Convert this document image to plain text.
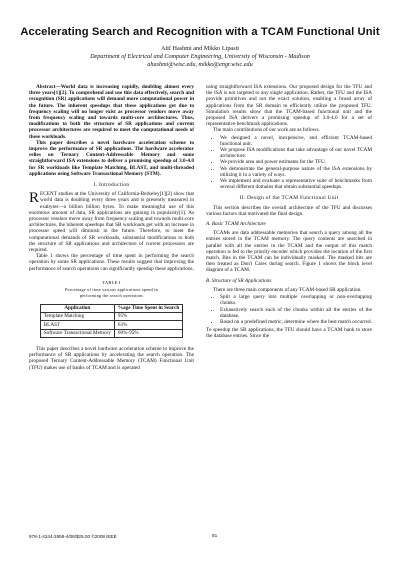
Accelerating Search and Recognition with a TCAM Functional Unit
Atif Hashmi and Mikko Lipasti
Department of Electrical and Computer Engineering, University of Wisconsin - Madison
ahashmi@wisc.edu, mikko@engr.wisc.edu

Abstract—World data is increasing rapidly, doubling almost every three years[1][2]. To comprehend and use this data effectively, search and recognition (SR) applications will demand more computational power in the future. The inherent speedups that these applications get due to frequency scaling will no longer exist as processor vendors move away from frequency scaling and towards multi-core architectures. Thus, modifications to both the structure of SR applications and current processor architectures are required to meet the computational needs of these workloads.

This paper describes a novel hardware acceleration scheme to improve the performance of SR applications. The hardware accelerator relies on Ternary Content-Addressable Memory and some straightforward ISA extensions to deliver a promising speedup of 3.0-4.0 for SR workloads like Template Matching, BLAST, and multi-threaded applications using Software Transactional Memory (STM).

I. Introduction

RECENT studies at the University of California-Berkeley[1][2] show that world data is doubling every three years and is presently measured in exabytes—a billion billion bytes. To make meaningful use of this enormous amount of data, SR applications are gaining in popularity[1]. As processor vendors move away from frequency scaling and towards multi-core architectures, the inherent speedups that SR workloads get with an increase in processor speed will diminish in the future. Therefore, to meet the computational demands of SR workloads, substantial modifications to both the structure of SR applications and architecture of current processors are required.

Table 1 shows the percentage of time spent in performing the search operation by some SR applications. These results suggest that improving the performance of search operations can significantly speedup these applications.

TABLE I
Percentage of time various applications spend in
performing the search operations
Application	%age Time Spent in Search
Template Matching	95%
BLAST	63%
Software Transactional Memory	60%-95%

This paper describes a novel hardware acceleration scheme to improve the performance of SR applications by accelerating the search operation. The proposed Ternary Content-Addressable Memory (TCAM) Functional Unit (TFU) makes use of banks of TCAM and is operated

using straightforward ISA extensions. Our proposed design for the TFU and the ISA is not targeted to any single application. Rather, the TFU and the ISA provide primitives and not the exact solution, enabling a broad array of applications from the SR domain to efficiently utilize the proposed TFU. Simulation results show that the TCAM-based functional unit and the proposed ISA delivers a promising speedup of 3.0-4.0 for a set of representative benchmark applications.

The main contributions of our work are as follows.

• We designed a novel, inexpensive, and efficient TCAM-based functional unit.
• We propose ISA modifications that take advantage of our novel TCAM architecture.
• We provide area and power estimates for the TFU.
• We demonstrate the general-purpose nature of the ISA extensions by utilizing it in a variety of ways.
• We implement and evaluate a representative suite of benchmarks from several different domains that obtain substantial speedups.
II. Design of the TCAM Functional Unit

This section describes the overall architecture of the TFU and discusses various factors that motivated the final design.

A. Basic TCAM Architecture

TCAMs are data addressable memories that search a query among all the entries stored in the TCAM memory. The query contents are searched in parallel with all the entries in the TCAM and the output of this match operation is fed to the priority encoder which provides the location of the first match. Bits in the TCAM can be individually masked. The masked bits are then treated as Don't Cares during search. Figure 1 shows the block level diagram of a TCAM.

B. Structure of SR Applications

There are three main components of any TCAM-based SR application.

• Split a large query into multiple overlapping or non-overlapping chunks.
• Exhaustively search each of the chunks within all the entries of the database.
• Based on a predefined metric, determine where the best match occurred.

To speedup the SR applications, the TFU should have a TCAM bank to store the database entries. Since the

978-1-4244-2658-4/08/$25.00 ©2008 IEEE	81
